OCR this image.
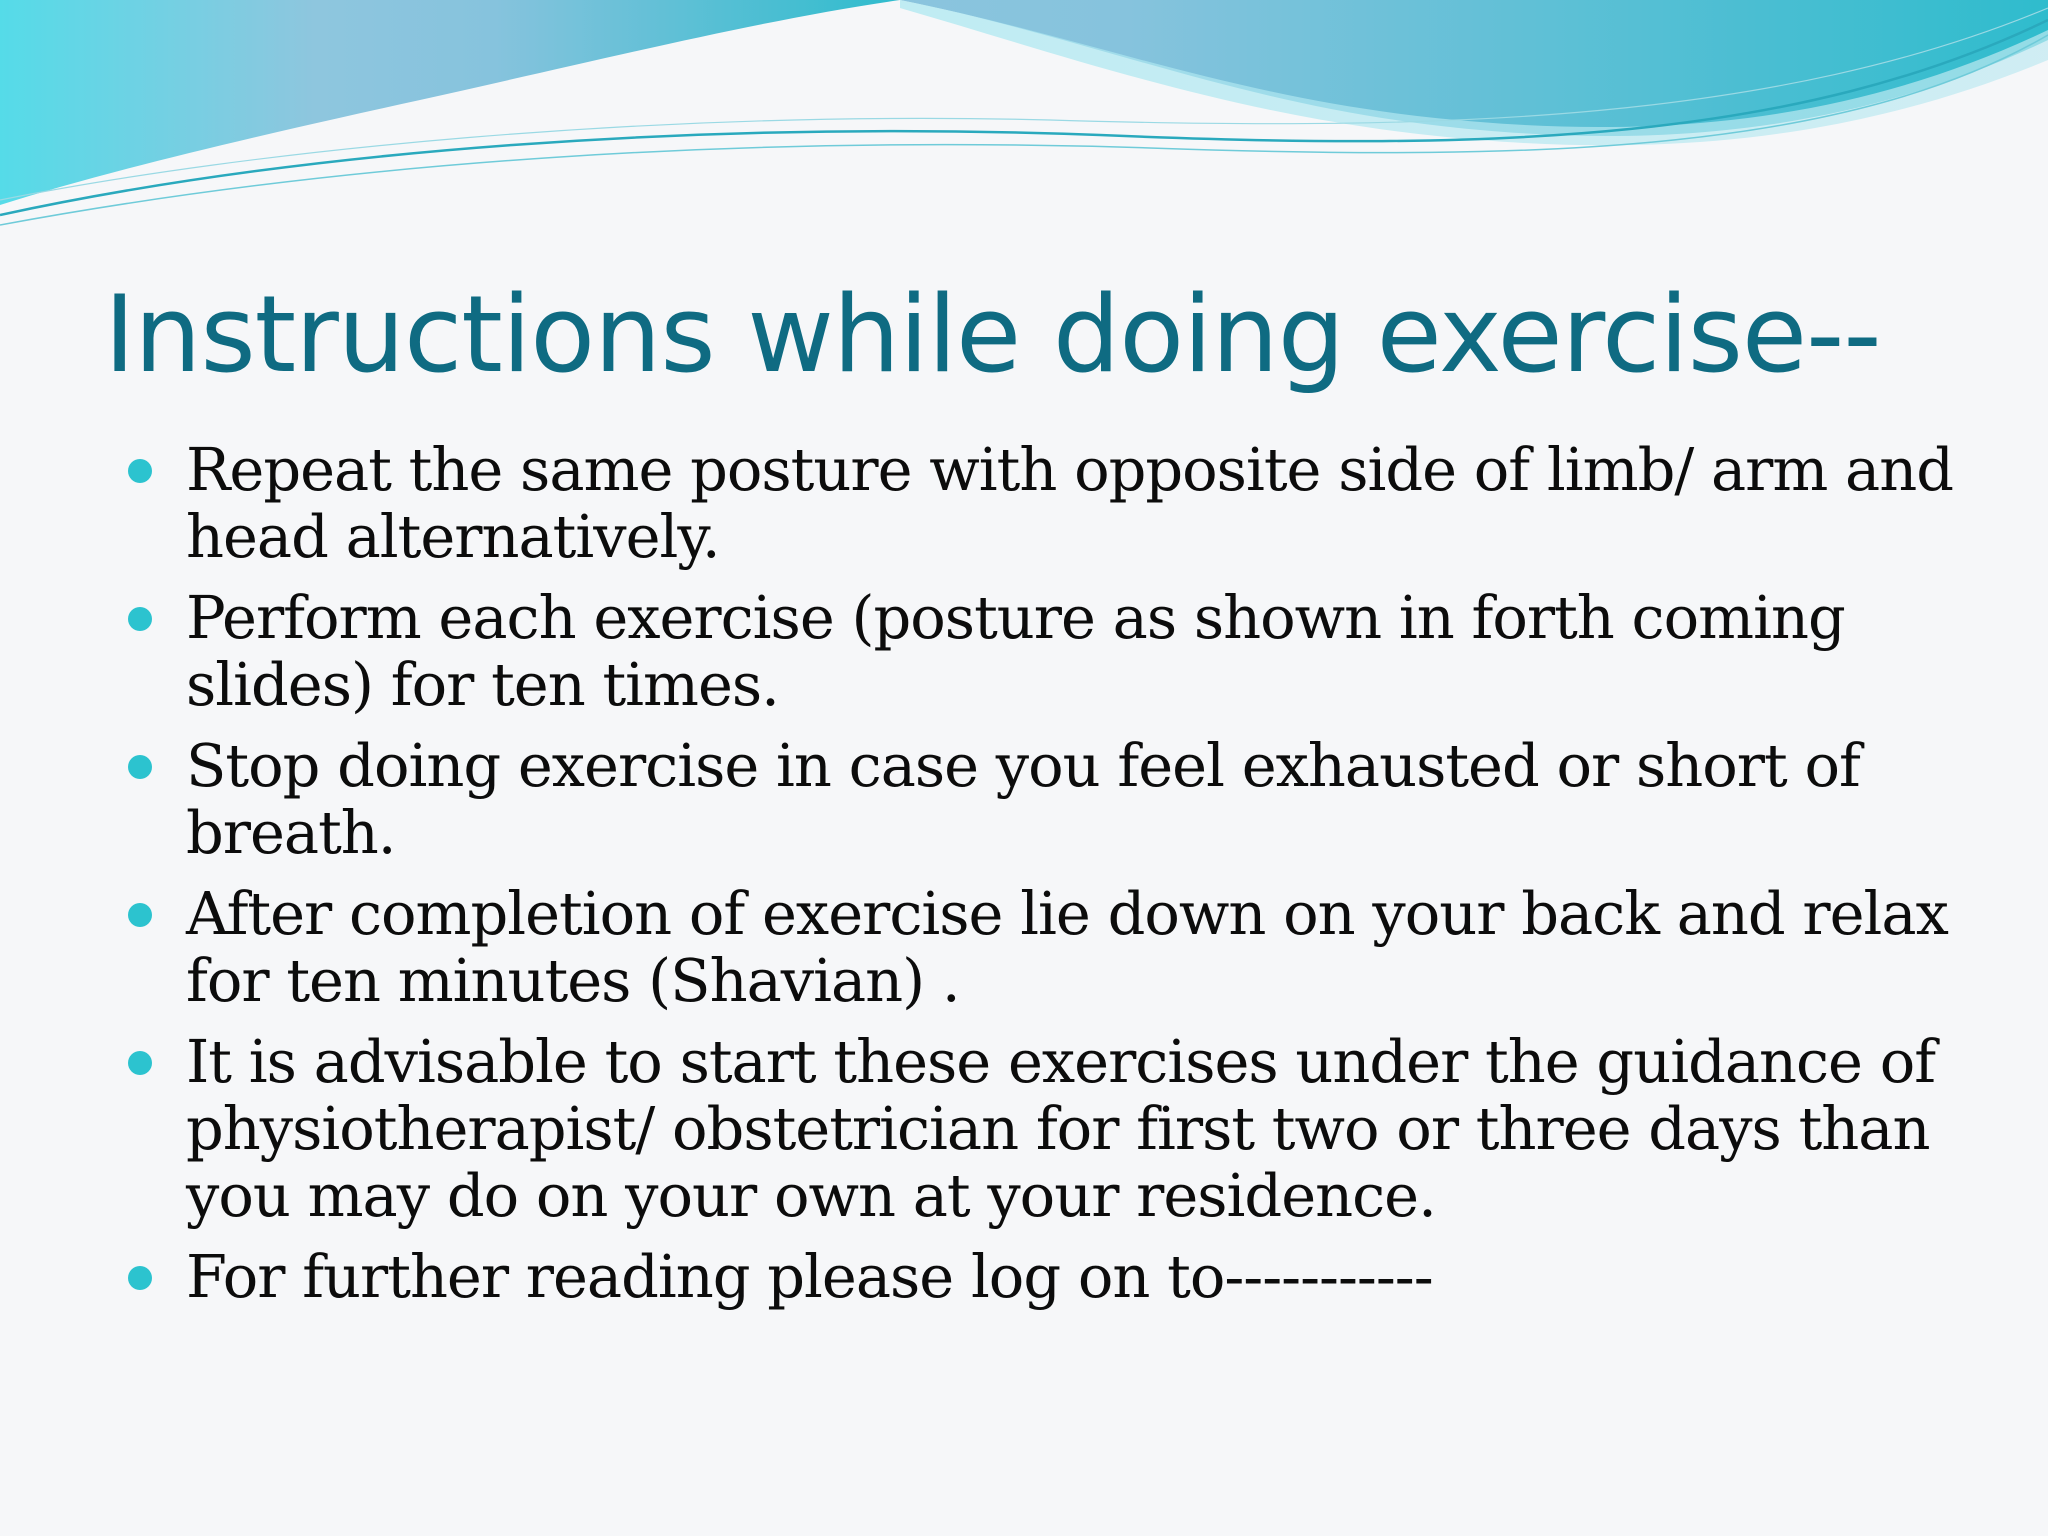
Instructions while doing exercise--
Repeat the same posture with opposite side of limb/ arm and head alternatively.
Perform each exercise (posture as shown in forth coming slides) for ten times.
Stop doing exercise in case you feel exhausted or short of breath.
After completion of exercise lie down on your back and relax for ten minutes (Shavian) .
It is advisable to start these exercises under the guidance of physiotherapist/ obstetrician for first two or three days than you may do on your own at your residence.
For further reading please log on to-----------
